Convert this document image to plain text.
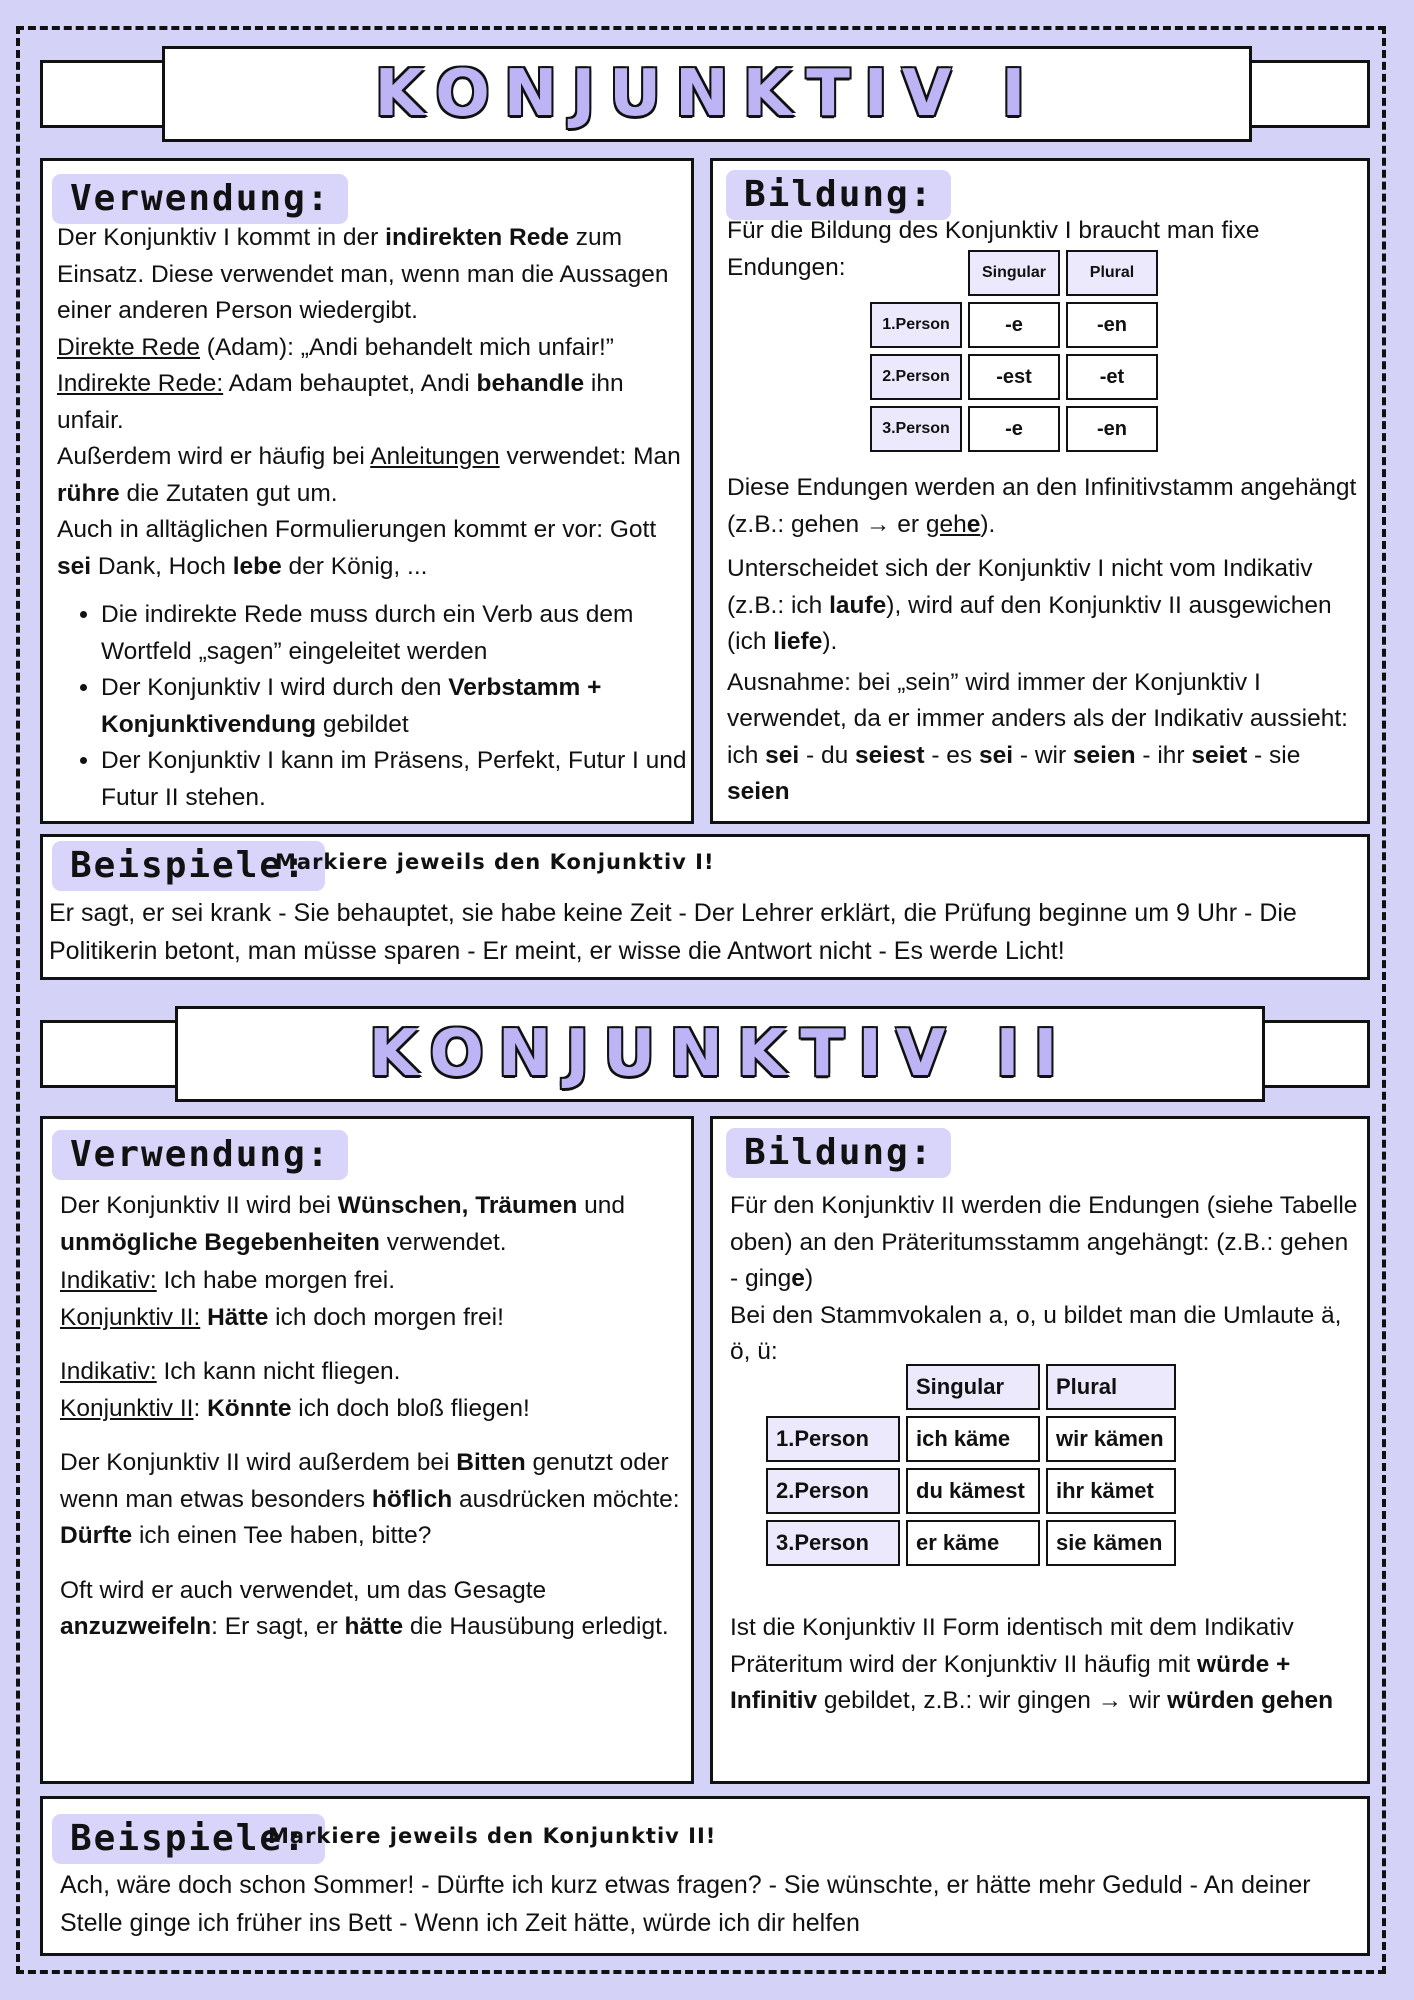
KONJUNKTIV I
Verwendung:

Der Konjunktiv I kommt in der indirekten Rede zum Einsatz. Diese verwendet man, wenn man die Aussagen einer anderen Person wiedergibt.

Direkte Rede (Adam): „Andi behandelt mich unfair!”

Indirekte Rede: Adam behauptet, Andi behandle ihn unfair.

Außerdem wird er häufig bei Anleitungen verwendet: Man rühre die Zutaten gut um.

Auch in alltäglichen Formulierungen kommt er vor: Gott sei Dank, Hoch lebe der König, ...

• Die indirekte Rede muss durch ein Verb aus dem Wortfeld „sagen” eingeleitet werden
• Der Konjunktiv I wird durch den Verbstamm + Konjunktivendung gebildet
• Der Konjunktiv I kann im Präsens, Perfekt, Futur I und Futur II stehen.
Bildung:
Für die Bildung des Konjunktiv I braucht man fixe Endungen:
		Singular	Plural
1.Person	-e	-en
2.Person	-est	-et
3.Person	-e	-en

Diese Endungen werden an den Infinitivstamm angehängt (z.B.: gehen → er gehe).

Unterscheidet sich der Konjunktiv I nicht vom Indikativ (z.B.: ich laufe), wird auf den Konjunktiv II ausgewichen (ich liefe).

Ausnahme: bei „sein” wird immer der Konjunktiv I verwendet, da er immer anders als der Indikativ aussieht: ich sei - du seiest - es sei - wir seien - ihr seiet - sie seien

Beispiele:
Markiere jeweils den Konjunktiv I!
Er sagt, er sei krank - Sie behauptet, sie habe keine Zeit - Der Lehrer erklärt, die Prüfung beginne um 9 Uhr - Die Politikerin betont, man müsse sparen - Er meint, er wisse die Antwort nicht - Es werde Licht!
KONJUNKTIV II
Verwendung:

Der Konjunktiv II wird bei Wünschen, Träumen und unmögliche Begebenheiten verwendet.

Indikativ: Ich habe morgen frei.

Konjunktiv II: Hätte ich doch morgen frei!

Indikativ: Ich kann nicht fliegen.

Konjunktiv II: Könnte ich doch bloß fliegen!

Der Konjunktiv II wird außerdem bei Bitten genutzt oder wenn man etwas besonders höflich ausdrücken möchte:

Dürfte ich einen Tee haben, bitte?

Oft wird er auch verwendet, um das Gesagte anzuzweifeln: Er sagt, er hätte die Hausübung erledigt.

Bildung:

Für den Konjunktiv II werden die Endungen (siehe Tabelle oben) an den Präteritumsstamm angehängt: (z.B.: gehen - ginge)

Bei den Stammvokalen a, o, u bildet man die Umlaute ä, ö, ü:

	Singular	Plural
1.Person	ich käme	wir kämen
2.Person	du kämest	ihr kämet
3.Person	er käme	sie kämen

Ist die Konjunktiv II Form identisch mit dem Indikativ Präteritum wird der Konjunktiv II häufig mit würde + Infinitiv gebildet, z.B.: wir gingen → wir würden gehen

Beispiele:
Markiere jeweils den Konjunktiv II!
Ach, wäre doch schon Sommer! - Dürfte ich kurz etwas fragen? - Sie wünschte, er hätte mehr Geduld - An deiner Stelle ginge ich früher ins Bett - Wenn ich Zeit hätte, würde ich dir helfen
